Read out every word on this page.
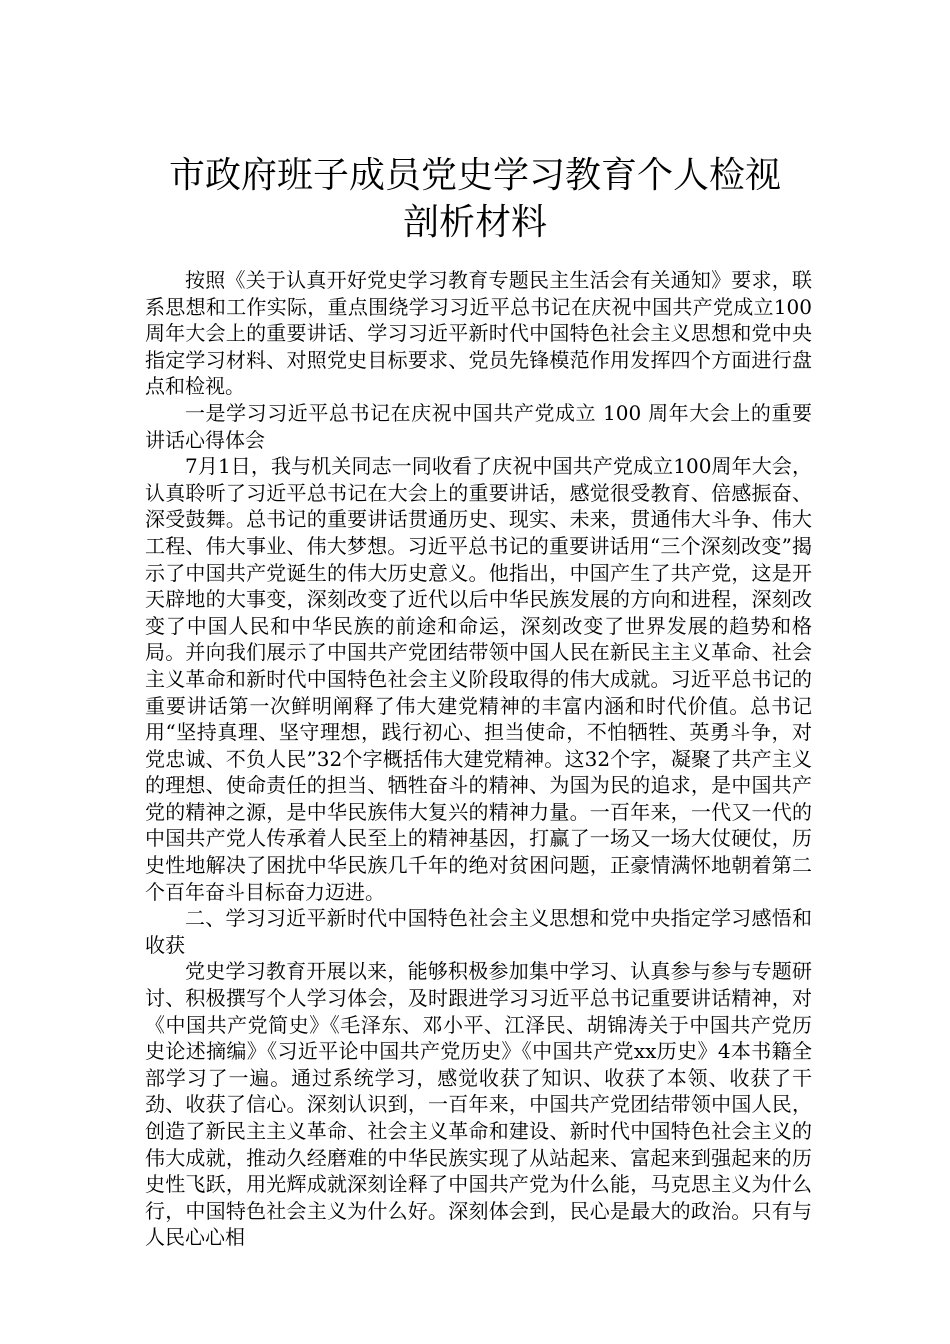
市政府班子成员党史学习教育个人检视
剖析材料

按照《关于认真开好党史学习教育专题民主生活会有关通知》要求，联系思想和工作实际，重点围绕学习习近平总书记在庆祝中国共产党成立100周年大会上的重要讲话、学习习近平新时代中国特色社会主义思想和党中央指定学习材料、对照党史目标要求、党员先锋模范作用发挥四个方面进行盘点和检视。

一是学习习近平总书记在庆祝中国共产党成立 100 周年大会上的重要讲话心得体会

7月1日，我与机关同志一同收看了庆祝中国共产党成立100周年大会，认真聆听了习近平总书记在大会上的重要讲话，感觉很受教育、倍感振奋、深受鼓舞。总书记的重要讲话贯通历史、现实、未来，贯通伟大斗争、伟大工程、伟大事业、伟大梦想。习近平总书记的重要讲话用“三个深刻改变”揭示了中国共产党诞生的伟大历史意义。他指出，中国产生了共产党，这是开天辟地的大事变，深刻改变了近代以后中华民族发展的方向和进程，深刻改变了中国人民和中华民族的前途和命运，深刻改变了世界发展的趋势和格局。并向我们展示了中国共产党团结带领中国人民在新民主主义革命、社会主义革命和新时代中国特色社会主义阶段取得的伟大成就。习近平总书记的重要讲话第一次鲜明阐释了伟大建党精神的丰富内涵和时代价值。总书记用“坚持真理、坚守理想，践行初心、担当使命，不怕牺牲、英勇斗争，对党忠诚、不负人民”32个字概括伟大建党精神。这32个字，凝聚了共产主义的理想、使命责任的担当、牺牲奋斗的精神、为国为民的追求，是中国共产党的精神之源，是中华民族伟大复兴的精神力量。一百年来，一代又一代的中国共产党人传承着人民至上的精神基因，打赢了一场又一场大仗硬仗，历史性地解决了困扰中华民族几千年的绝对贫困问题，正豪情满怀地朝着第二个百年奋斗目标奋力迈进。

二、学习习近平新时代中国特色社会主义思想和党中央指定学习感悟和收获

党史学习教育开展以来，能够积极参加集中学习、认真参与参与专题研讨、积极撰写个人学习体会，及时跟进学习习近平总书记重要讲话精神，对《中国共产党简史》《毛泽东、邓小平、江泽民、胡锦涛关于中国共产党历史论述摘编》《习近平论中国共产党历史》《中国共产党xx历史》4本书籍全部学习了一遍。通过系统学习，感觉收获了知识、收获了本领、收获了干劲、收获了信心。深刻认识到，一百年来，中国共产党团结带领中国人民，创造了新民主主义革命、社会主义革命和建设、新时代中国特色社会主义的伟大成就，推动久经磨难的中华民族实现了从站起来、富起来到强起来的历史性飞跃，用光辉成就深刻诠释了中国共产党为什么能，马克思主义为什么行，中国特色社会主义为什么好。深刻体会到，民心是最大的政治。只有与人民心心相
